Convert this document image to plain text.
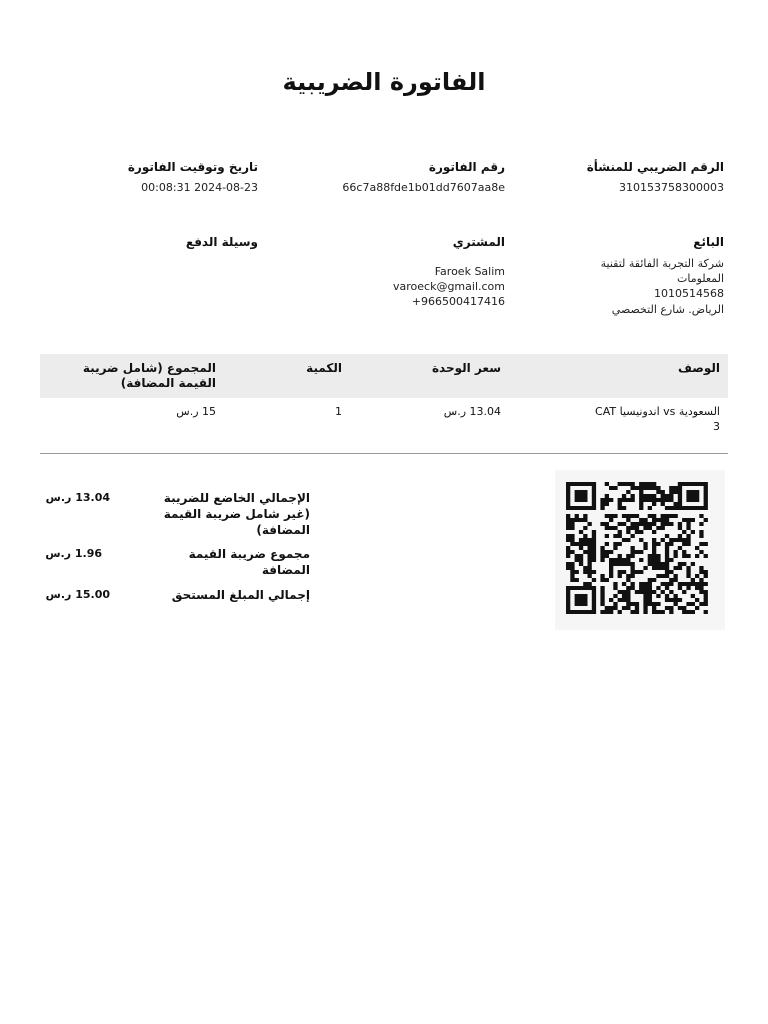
الفاتورة الضريبية
الرقم الضريبي للمنشأة
310153758300003
رقم الفاتورة
66c7a88fde1b01dd7607aa8e
تاريخ وتوقيت الفاتورة
00:08:31 2024-08-23
البائع
شركة التجربة الفائقة لتقنية المعلومات
1010514568
الرياض. شارع التخصصي
المشتري
Faroek Salim
varoeck@gmail.com
+966500417416
وسيلة الدفع
الوصف
سعر الوحدة
الكمية
المجموع (شامل ضريبة القيمة المضافة)
السعودية vs اندونيسيا CAT 3
13.04 ر.س
1
15 ر.س
الإجمالي الخاضع للضريبة (غير شامل ضريبة القيمة المضافة)
13.04 ر.س
مجموع ضريبة القيمة المضافة
1.96 ر.س
إجمالي المبلغ المستحق
15.00 ر.س
